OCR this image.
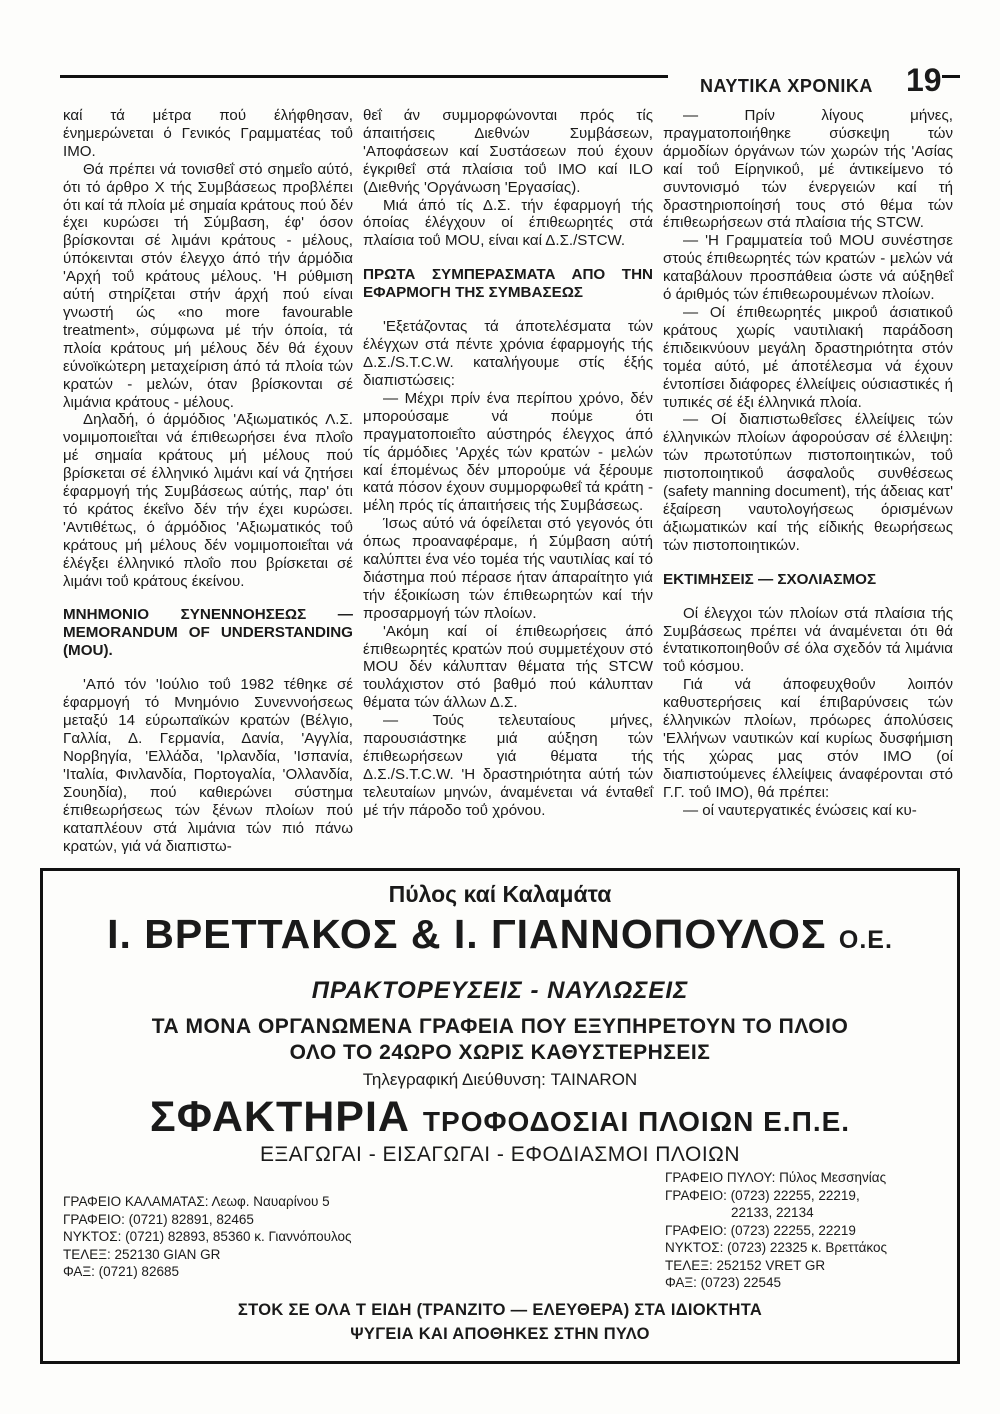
ΝΑΥΤΙΚΑ ΧΡΟΝΙΚΑ 19

καί τά μέτρα πού έλήφθησαν, ένημερώνεται ό Γενικός Γραμματέας τοΰ ΙΜΟ.

Θά πρέπει νά τονισθεΐ στό σημεΐο αύτό, ότι τό άρθρο Χ τής Συμβάσεως προβλέπει ότι καί τά πλοία μέ σημαία κράτους πού δέν έχει κυρώσει τή Σύμβαση, έφ' όσον βρίσκονται σέ λιμάνι κράτους - μέλους, ύπόκεινται στόν έλεγχο άπό τήν άρμόδια 'Αρχή τοΰ κράτους μέλους. 'Η ρύθμιση αύτή στηρίζεται στήν άρχή πού είναι γνωστή ώς «no more favourable treatment», σύμφωνα μέ τήν όποία, τά πλοία κράτους μή μέλους δέν θά έχουν εύνοϊκώτερη μεταχείριση άπό τά πλοία τών κρατών - μελών, όταν βρίσκονται σέ λιμάνια κράτους - μέλους.

Δηλαδή, ό άρμόδιος 'Αξιωματικός Λ.Σ. νομιμοποιεΐται νά έπιθεωρήσει ένα πλοΐο μέ σημαία κράτους μή μέλους πού βρίσκεται σέ έλληνικό λιμάνι καί νά ζητήσει έφαρμογή τής Συμβάσεως αύτής, παρ' ότι τό κράτος έκεΐνο δέν τήν έχει κυρώσει. 'Αντιθέτως, ό άρμόδιος 'Αξιωματικός τοΰ κράτους μή μέλους δέν νομιμοποιεΐται νά έλέγξει έλληνικό πλοΐο που βρίσκεται σέ λιμάνι τοΰ κράτους έκείνου.

ΜΝΗΜΟΝΙΟ ΣΥΝΕΝΝΟΗΣΕΩΣ — MEMORANDUM OF UNDERSTANDING (MOU).

'Από τόν 'Ιούλιο τοΰ 1982 τέθηκε σέ έφαρμογή τό Μνημόνιο Συνεννοήσεως μεταξύ 14 εύρωπαϊκών κρατών (Βέλγιο, Γαλλία, Δ. Γερμανία, Δανία, 'Αγγλία, Νορβηγία, 'Ελλάδα, 'Ιρλανδία, 'Ισπανία, 'Ιταλία, Φινλανδία, Πορτογαλία, 'Ολλανδία, Σουηδία), πού καθιερώνει σύστημα έπιθεωρήσεως τών ξένων πλοίων πού καταπλέουν στά λιμάνια τών πιό πάνω κρατών, γιά νά διαπιστω-

θεΐ άν συμμορφώνονται πρός τίς άπαιτήσεις Διεθνών Συμβάσεων, 'Αποφάσεων καί Συστάσεων πού έχουν έγκριθεΐ στά πλαίσια τοΰ ΙΜΟ καί ILO (Διεθνής 'Οργάνωση 'Εργασίας).

Μιά άπό τίς Δ.Σ. τήν έφαρμογή τής όποίας έλέγχουν οί έπιθεωρητές στά πλαίσια τοΰ MOU, είναι καί Δ.Σ./STCW.

ΠΡΩΤΑ ΣΥΜΠΕΡΑΣΜΑΤΑ ΑΠΟ ΤΗΝ ΕΦΑΡΜΟΓΗ ΤΗΣ ΣΥΜΒΑΣΕΩΣ

'Εξετάζοντας τά άποτελέσματα τών έλέγχων στά πέντε χρόνια έφαρμογής τής Δ.Σ./S.T.C.W. καταλήγουμε στίς έξής διαπιστώσεις:

— Μέχρι πρίν ένα περίπου χρόνο, δέν μπορούσαμε νά πούμε ότι πραγματοποιεΐτο αύστηρός έλεγχος άπό τίς άρμόδιες 'Αρχές τών κρατών - μελών καί έπομένως δέν μπορούμε νά ξέρουμε κατά πόσον έχουν συμμορφωθεΐ τά κράτη - μέλη πρός τίς άπαιτήσεις τής Συμβάσεως.

Ίσως αύτό νά όφείλεται στό γεγονός ότι όπως προαναφέραμε, ή Σύμβαση αύτή καλύπτει ένα νέο τομέα τής ναυτιλίας καί τό διάστημα πού πέρασε ήταν άπαραίτητο γιά τήν έξοικίωση τών έπιθεωρητών καί τήν προσαρμογή τών πλοίων.

'Ακόμη καί οί έπιθεωρήσεις άπό έπιθεωρητές κρατών πού συμμετέχουν στό MOU δέν κάλυπταν θέματα τής STCW τουλάχιστον στό βαθμό πού κάλυπταν θέματα τών άλλων Δ.Σ.

— Τούς τελευταίους μήνες, παρουσιάστηκε μιά αύξηση τών έπιθεωρήσεων γιά θέματα τής Δ.Σ./S.T.C.W. 'Η δραστηριότητα αύτή τών τελευταίων μηνών, άναμένεται νά ένταθεΐ μέ τήν πάροδο τοΰ χρόνου.

— Πρίν λίγους μήνες, πραγματοποιήθηκε σύσκεψη τών άρμοδίων όργάνων τών χωρών τής 'Ασίας καί τοΰ Είρηνικοΰ, μέ άντικείμενο τό συντονισμό τών ένεργειών καί τή δραστηριοποίησή τους στό θέμα τών έπιθεωρήσεων στά πλαίσια τής STCW.

— 'Η Γραμματεία τοΰ MOU συνέστησε στούς έπιθεωρητές τών κρατών - μελών νά καταβάλουν προσπάθεια ώστε νά αύξηθεΐ ό άριθμός τών έπιθεωρουμένων πλοίων.

— Οί έπιθεωρητές μικροΰ άσιατικοΰ κράτους χωρίς ναυτιλιακή παράδοση έπιδεικνύουν μεγάλη δραστηριότητα στόν τομέα αύτό, μέ άποτέλεσμα νά έχουν έντοπίσει διάφορες έλλείψεις ούσιαστικές ή τυπικές σέ έξι έλληνικά πλοία.

— Οί διαπιστωθεΐσες έλλείψεις τών έλληνικών πλοίων άφορούσαν σέ έλλειψη: τών πρωτοτύπων πιστοποιητικών, τοΰ πιστοποιητικοΰ άσφαλοΰς συνθέσεως (safety manning document), τής άδειας κατ' έξαίρεση ναυτολογήσεως όρισμένων άξιωματικών καί τής είδικής θεωρήσεως τών πιστοποιητικών.

ΕΚΤΙΜΗΣΕΙΣ — ΣΧΟΛΙΑΣΜΟΣ

Οί έλεγχοι τών πλοίων στά πλαίσια τής Συμβάσεως πρέπει νά άναμένεται ότι θά έντατικοποιηθοΰν σέ όλα σχεδόν τά λιμάνια τοΰ κόσμου.

Γιά νά άποφευχθοΰν λοιπόν καθυστερήσεις καί έπιβαρύνσεις τών έλληνικών πλοίων, πρόωρες άπολύσεις 'Ελλήνων ναυτικών καί κυρίως δυσφήμιση τής χώρας μας στόν ΙΜΟ (οί διαπιστούμενες έλλείψεις άναφέρονται στό Γ.Γ. τοΰ ΙΜΟ), θά πρέπει:

— οί ναυτεργατικές ένώσεις καί κυ-

Πύλος καί Καλαμάτα
Ι. ΒΡΕΤΤΑΚΟΣ & Ι. ΓΙΑΝΝΟΠΟΥΛΟΣ Ο.Ε.
ΠΡΑΚΤΟΡΕΥΣΕΙΣ - ΝΑΥΛΩΣΕΙΣ
ΤΑ ΜΟΝΑ ΟΡΓΑΝΩΜΕΝΑ ΓΡΑΦΕΙΑ ΠΟΥ ΕΞΥΠΗΡΕΤΟΥΝ ΤΟ ΠΛΟΙΟ
ΟΛΟ ΤΟ 24ΩΡΟ ΧΩΡΙΣ ΚΑΘΥΣΤΕΡΗΣΕΙΣ
Τηλεγραφική Διεύθυνση: TAINARON
ΣΦΑΚΤΗΡΙΑ ΤΡΟΦΟΔΟΣΙΑΙ ΠΛΟΙΩΝ Ε.Π.Ε.
ΕΞΑΓΩΓΑΙ - ΕΙΣΑΓΩΓΑΙ - ΕΦΟΔΙΑΣΜΟΙ ΠΛΟΙΩΝ
ΓΡΑΦΕΙΟ ΚΑΛΑΜΑΤΑΣ: Λεωφ. Ναυαρίνου 5
ΓΡΑΦΕΙΟ: (0721) 82891, 82465
ΝΥΚΤΟΣ: (0721) 82893, 85360 κ. Γιαννόπουλος
ΤΕΛΕΞ: 252130 GIAN GR
ΦΑΞ: (0721) 82685
ΓΡΑΦΕΙΟ ΠΥΛΟΥ: Πύλος Μεσσηνίας
ΓΡΑΦΕΙΟ: (0723) 22255, 22219,
22133, 22134
ΓΡΑΦΕΙΟ: (0723) 22255, 22219
ΝΥΚΤΟΣ: (0723) 22325 κ. Βρεττάκος
ΤΕΛΕΞ: 252152 VRET GR
ΦΑΞ: (0723) 22545
ΣΤΟΚ ΣΕ ΟΛΑ Τ ΕΙΔΗ (ΤΡΑΝΖΙΤΟ — ΕΛΕΥΘΕΡΑ) ΣΤΑ ΙΔΙΟΚΤΗΤΑ
ΨΥΓΕΙΑ ΚΑΙ ΑΠΟΘΗΚΕΣ ΣΤΗΝ ΠΥΛΟ
